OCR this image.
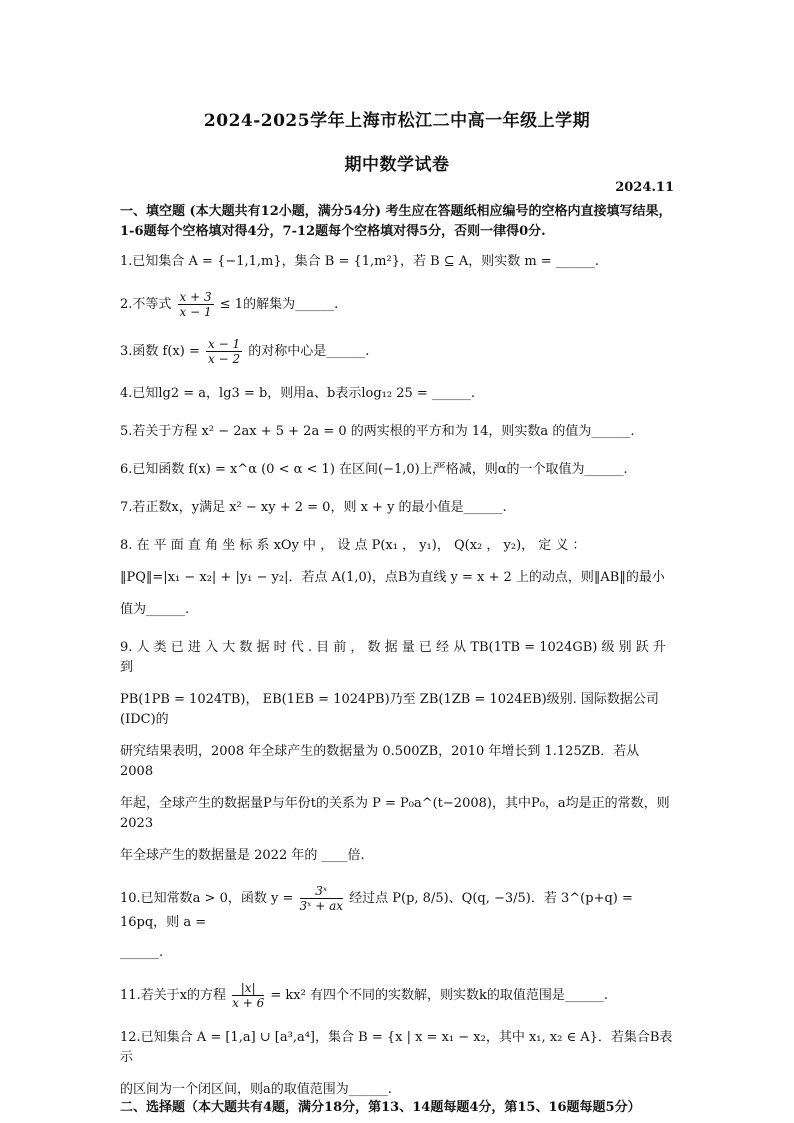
2024-2025学年上海市松江二中高一年级上学期
期中数学试卷
2024.11
一、填空题 (本大题共有12小题，满分54分) 考生应在答题纸相应编号的空格内直接填写结果，1-6题每个空格填对得4分，7-12题每个空格填对得5分，否则一律得0分.
1.已知集合 A = {−1,1,m}，集合 B = {1,m²}，若 B ⊆ A，则实数 m = ______.
2.不等式 $\frac{x + 3}{x - 1} \le 1$的解集为______.
3.函数 $f(x) = \frac{x - 1}{x - 2}$ 的对称中心是______.
4.已知lg2 = a，lg3 = b，则用a、b表示log₁₂ 25 = ______.
5.若关于方程 x² − 2ax + 5 + 2a = 0 的两实根的平方和为 14，则实数a 的值为______.
6.已知函数 f(x) = x^α (0 < α < 1) 在区间(−1,0)上严格减，则α的一个取值为______.
7.若正数x，y满足 x² − xy + 2 = 0，则 x + y 的最小值是______.
8. 在 平 面 直 角 坐 标 系 xOy 中 ， 设 点 P(x₁ ， y₁)， Q(x₂ ， y₂)， 定 义 ：
‖PQ‖=|x₁ − x₂| + |y₁ − y₂|．若点 A(1,0)，点B为直线 y = x + 2 上的动点，则‖AB‖的最小
值为______.
9. 人 类 已 进 入 大 数 据 时 代 . 目 前 ， 数 据 量 已 经 从 TB(1TB = 1024GB) 级 别 跃 升 到
PB(1PB = 1024TB)， EB(1EB = 1024PB)乃至 ZB(1ZB = 1024EB)级别. 国际数据公司(IDC)的
研究结果表明，2008 年全球产生的数据量为 0.500ZB，2010 年增长到 1.125ZB．若从 2008
年起，全球产生的数据量P与年份t的关系为 P = P₀a^(t−2008)，其中P₀，a均是正的常数，则 2023
年全球产生的数据量是 2022 年的 ____倍.
10.已知常数a > 0，函数 $y = \frac{\text{3ˣ}}{\text{3ˣ + ax}}$ 经过点 P(p, 8/5)、Q(q, −3/5)．若 3^(p+q) = 16pq，则 a =
______.
11.若关于x的方程 $\frac{|x|}{x + 6} = kx^2$ 有四个不同的实数解，则实数k的取值范围是______.
12.已知集合 A = [1,a] ∪ [a³,a⁴]，集合 B = {x | x = x₁ − x₂，其中 x₁, x₂ ∈ A}．若集合B表示
的区间为一个闭区间，则a的取值范围为______.
二、选择题（本大题共有4题，满分18分，第13、14题每题4分，第15、16题每题5分）
